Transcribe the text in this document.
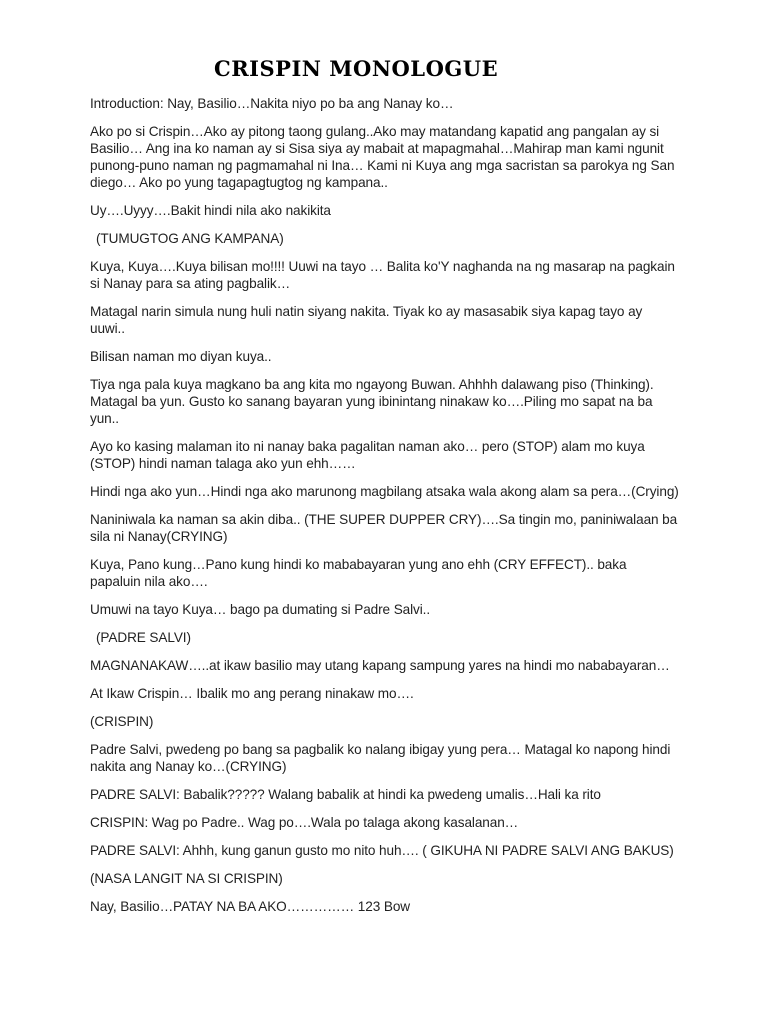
CRISPIN MONOLOGUE

Introduction: Nay, Basilio…Nakita niyo po ba ang Nanay ko…

Ako po si Crispin…Ako ay pitong taong gulang..Ako may matandang kapatid ang pangalan ay si Basilio… Ang ina ko naman ay si Sisa siya ay mabait at mapagmahal…Mahirap man kami ngunit punong-puno naman ng pagmamahal ni Ina… Kami ni Kuya ang mga sacristan sa parokya ng San diego… Ako po yung tagapagtugtog ng kampana..

Uy….Uyyy….Bakit hindi nila ako nakikita

(TUMUGTOG ANG KAMPANA)

Kuya, Kuya….Kuya bilisan mo!!!! Uuwi na tayo … Balita ko'Y naghanda na ng masarap na pagkain si Nanay para sa ating pagbalik…

Matagal narin simula nung huli natin siyang nakita. Tiyak ko ay masasabik siya kapag tayo ay uuwi..

Bilisan naman mo diyan kuya..

Tiya nga pala kuya magkano ba ang kita mo ngayong Buwan. Ahhhh dalawang piso (Thinking). Matagal ba yun. Gusto ko sanang bayaran yung ibinintang ninakaw ko….Piling mo sapat na ba yun..

Ayo ko kasing malaman ito ni nanay baka pagalitan naman ako… pero (STOP) alam mo kuya (STOP) hindi naman talaga ako yun ehh……

Hindi nga ako yun…Hindi nga ako marunong magbilang atsaka wala akong alam sa pera…(Crying)

Naniniwala ka naman sa akin diba.. (THE SUPER DUPPER CRY)….Sa tingin mo, paniniwalaan ba sila ni Nanay(CRYING)

Kuya, Pano kung…Pano kung hindi ko mababayaran yung ano ehh (CRY EFFECT).. baka papaluin nila ako….

Umuwi na tayo Kuya… bago pa dumating si Padre Salvi..

(PADRE SALVI)

MAGNANAKAW…..at ikaw basilio may utang kapang sampung yares na hindi mo nababayaran…

At Ikaw Crispin… Ibalik mo ang perang ninakaw mo….

(CRISPIN)

Padre Salvi, pwedeng po bang sa pagbalik ko nalang ibigay yung pera… Matagal ko napong hindi nakita ang Nanay ko…(CRYING)

PADRE SALVI: Babalik????? Walang babalik at hindi ka pwedeng umalis…Hali ka rito

CRISPIN: Wag po Padre.. Wag po….Wala po talaga akong kasalanan…

PADRE SALVI: Ahhh, kung ganun gusto mo nito huh…. ( GIKUHA NI PADRE SALVI ANG BAKUS)

(NASA LANGIT NA SI CRISPIN)

Nay, Basilio…PATAY NA BA AKO…………… 123 Bow
